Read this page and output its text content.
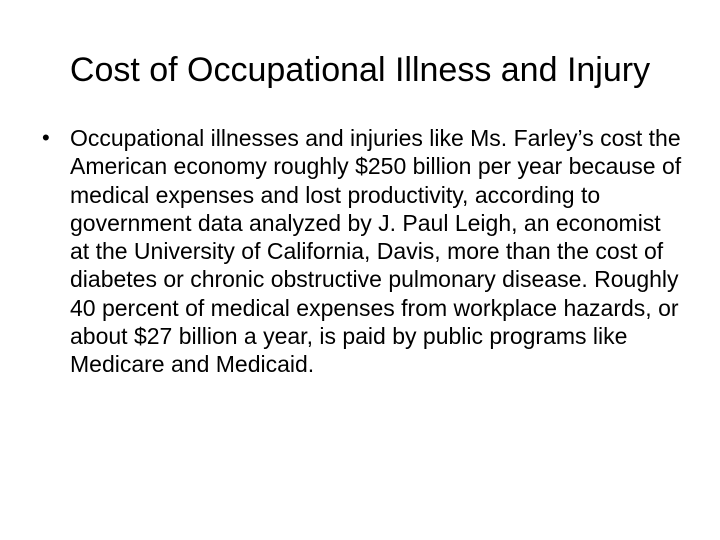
Cost of Occupational Illness and Injury
• Occupational illnesses and injuries like Ms. Farley’s cost the American economy roughly $250 billion per year because of medical expenses and lost productivity, according to government data analyzed by J. Paul Leigh, an economist at the University of California, Davis, more than the cost of diabetes or chronic obstructive pulmonary disease. Roughly 40 percent of medical expenses from workplace hazards, or about $27 billion a year, is paid by public programs like Medicare and Medicaid.
